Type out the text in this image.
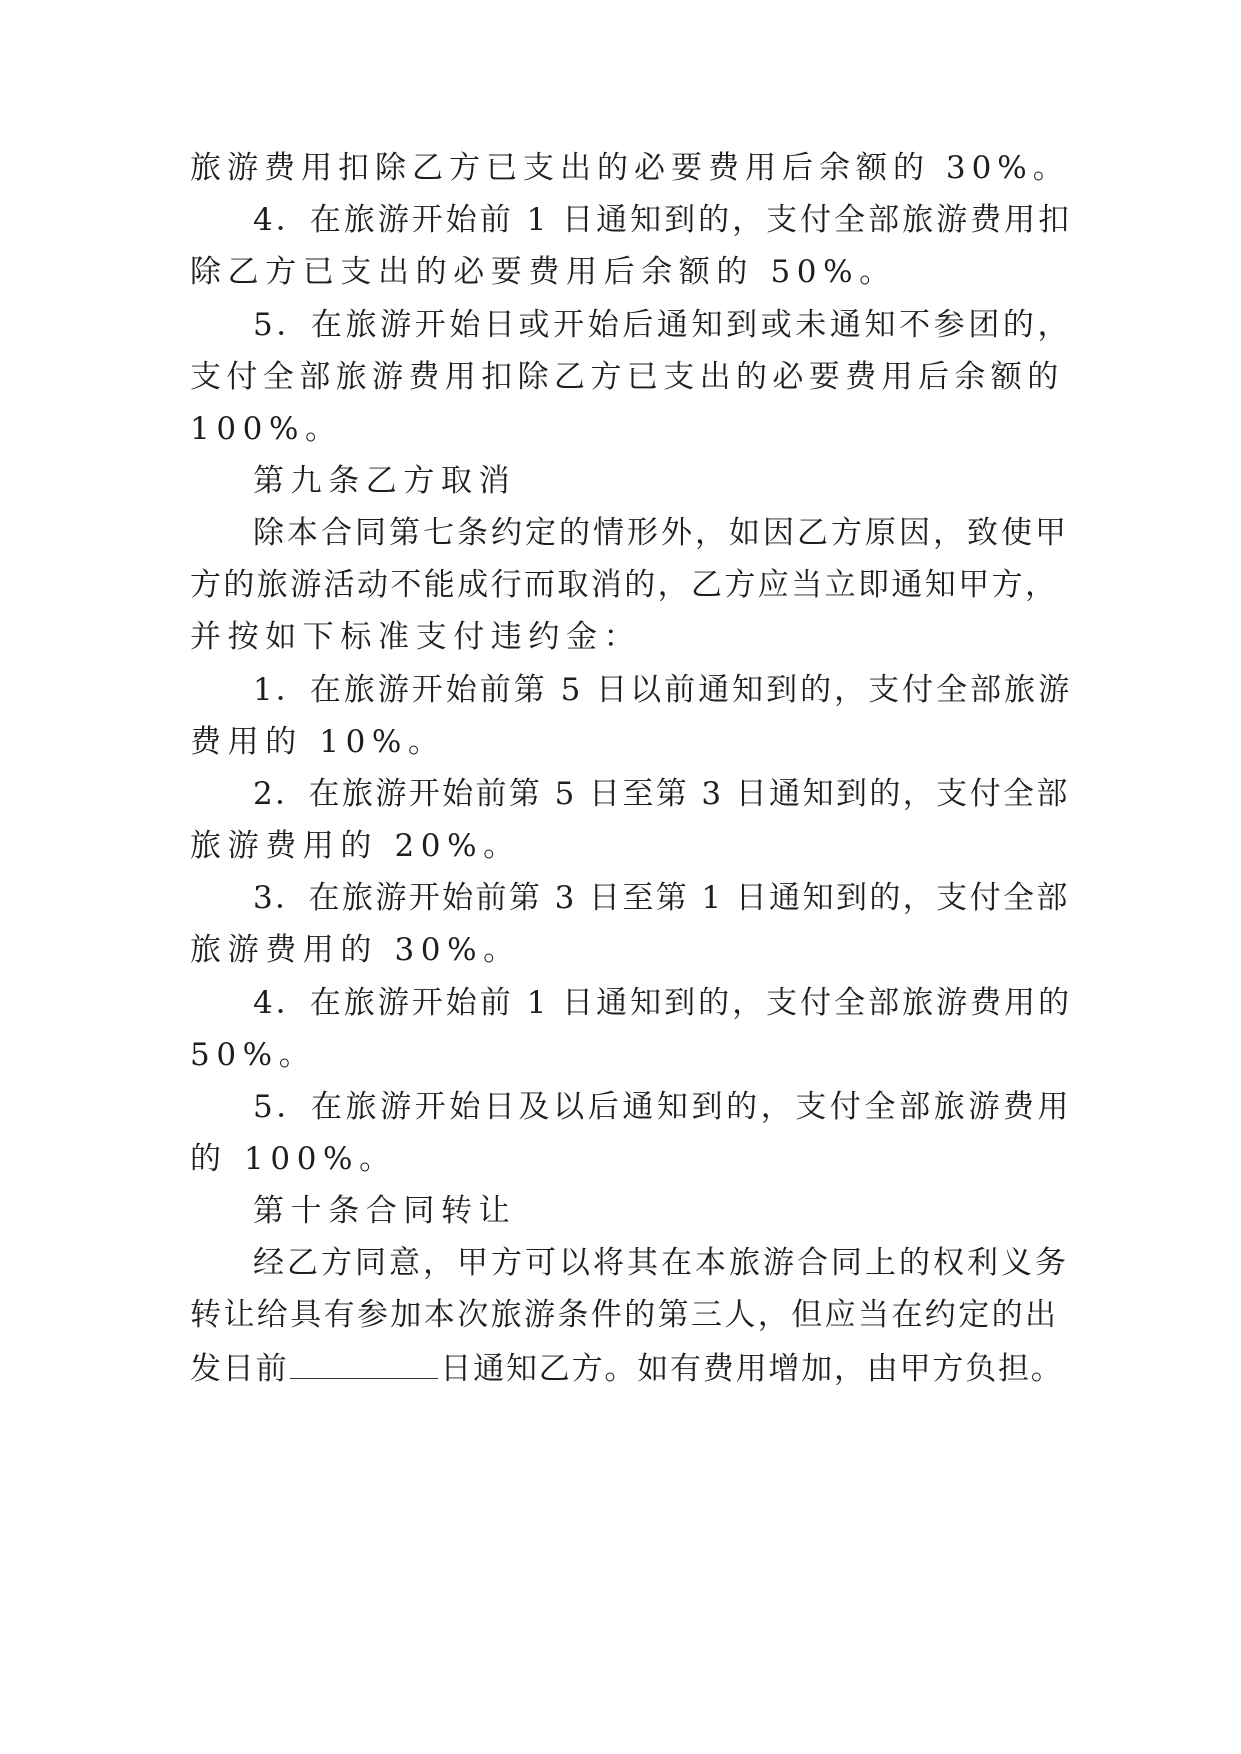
旅游费用扣除乙方已支出的必要费用后余额的 30%。
4．在旅游开始前 1 日通知到的，支付全部旅游费用扣
除乙方已支出的必要费用后余额的 50%。
5．在旅游开始日或开始后通知到或未通知不参团的，
支付全部旅游费用扣除乙方已支出的必要费用后余额的
100%。
第九条乙方取消
除本合同第七条约定的情形外，如因乙方原因，致使甲
方的旅游活动不能成行而取消的，乙方应当立即通知甲方，
并按如下标准支付违约金：
1．在旅游开始前第 5 日以前通知到的，支付全部旅游
费用的 10%。
2．在旅游开始前第 5 日至第 3 日通知到的，支付全部
旅游费用的 20%。
3．在旅游开始前第 3 日至第 1 日通知到的，支付全部
旅游费用的 30%。
4．在旅游开始前 1 日通知到的，支付全部旅游费用的
50%。
5．在旅游开始日及以后通知到的，支付全部旅游费用
的 100%。
第十条合同转让
经乙方同意，甲方可以将其在本旅游合同上的权利义务
转让给具有参加本次旅游条件的第三人，但应当在约定的出
发日前	日通知乙方。如有费用增加，由甲方负担。
